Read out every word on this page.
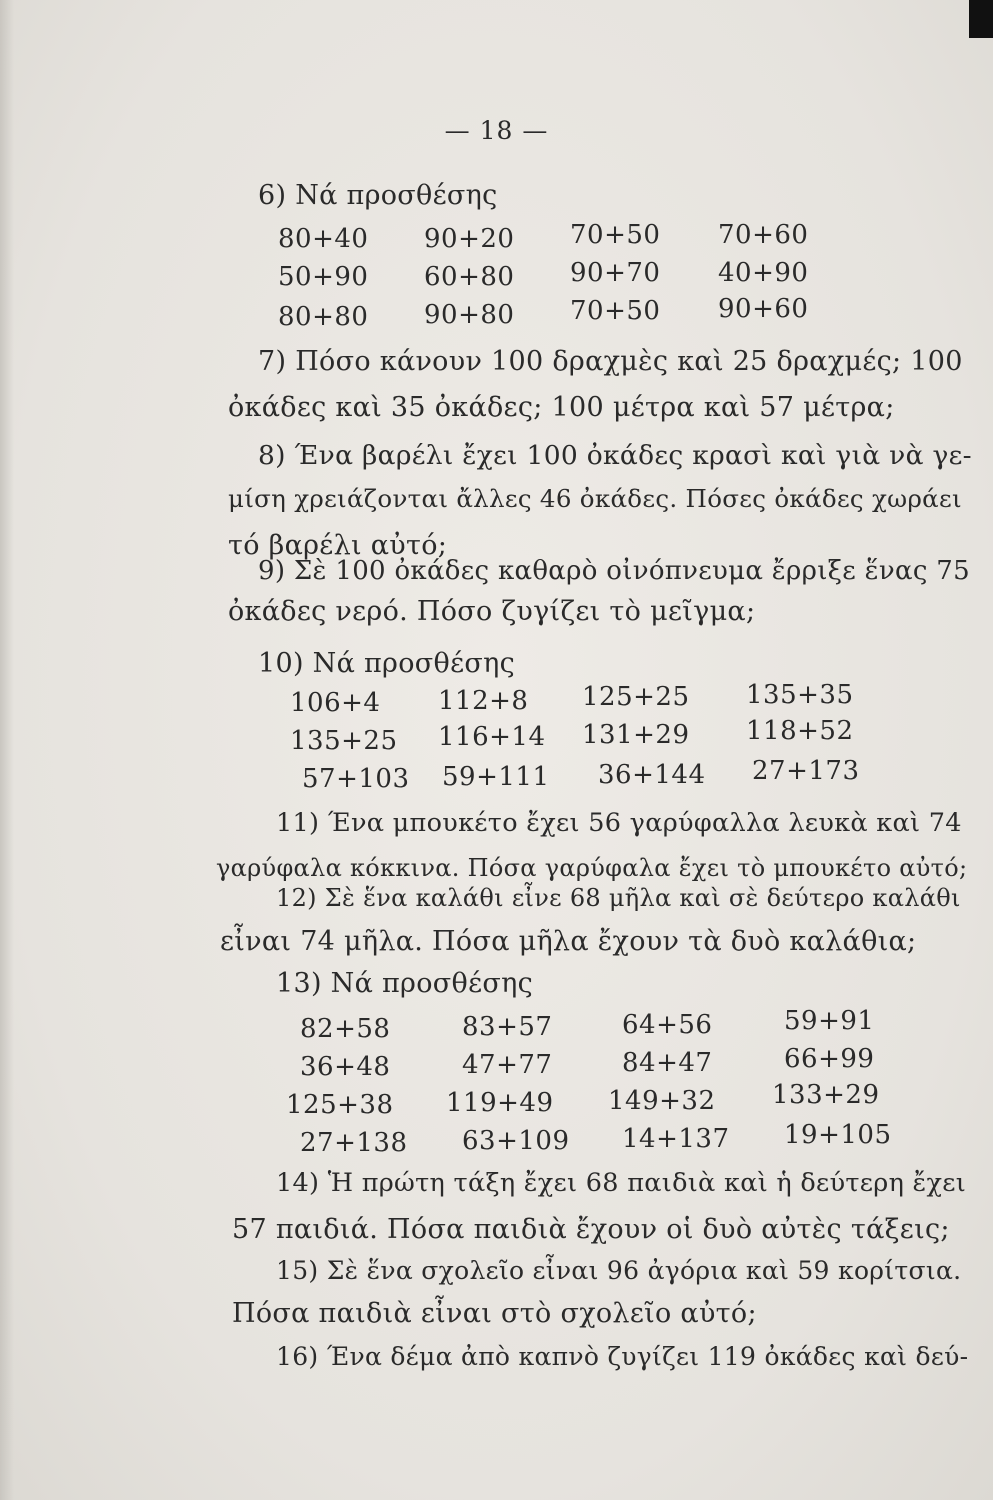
— 18 —
6) Νά προσθέσης
80+40 90+20 70+50 70+60
50+90 60+80 90+70 40+90
80+80 90+80 70+50 90+60
7) Πόσο κάνουν 100 δραχμὲς καὶ 25 δραχμές; 100
ὀκάδες καὶ 35 ὀκάδες; 100 μέτρα καὶ 57 μέτρα;
8) Ένα βαρέλι ἔχει 100 ὀκάδες κρασὶ καὶ γιὰ νὰ γε-
μίση χρειάζονται ἄλλες 46 ὀκάδες. Πόσες ὀκάδες χωράει
τό βαρέλι αὐτό;
9) Σὲ 100 ὀκάδες καθαρὸ οἰνόπνευμα ἔρριξε ἕνας 75
ὀκάδες νερό. Πόσο ζυγίζει τὸ μεῖγμα;
10) Νά προσθέσης
106+4 112+8 125+25 135+35
135+25 116+14 131+29 118+52
57+103 59+111 36+144 27+173
11) Ένα μπουκέτο ἔχει 56 γαρύφαλλα λευκὰ καὶ 74
γαρύφαλα κόκκινα. Πόσα γαρύφαλα ἔχει τὸ μπουκέτο αὐτό;
12) Σὲ ἕνα καλάθι εἶνε 68 μῆλα καὶ σὲ δεύτερο καλάθι
εἶναι 74 μῆλα. Πόσα μῆλα ἔχουν τὰ δυὸ καλάθια;
13) Νά προσθέσης
82+58	83+57	64+56	59+91
36+48	47+77	84+47	66+99
125+38 119+49 149+32 133+29
27+138 63+109 14+137 19+105
14) Ἡ πρώτη τάξη ἔχει 68 παιδιὰ καὶ ἡ δεύτερη ἔχει
57 παιδιά. Πόσα παιδιὰ ἔχουν οἱ δυὸ αὐτὲς τάξεις;
15) Σὲ ἕνα σχολεῖο εἶναι 96 ἀγόρια καὶ 59 κορίτσια.
Πόσα παιδιὰ εἶναι στὸ σχολεῖο αὐτό;
16) Ένα δέμα ἀπὸ καπνὸ ζυγίζει 119 ὀκάδες καὶ δεύ-
